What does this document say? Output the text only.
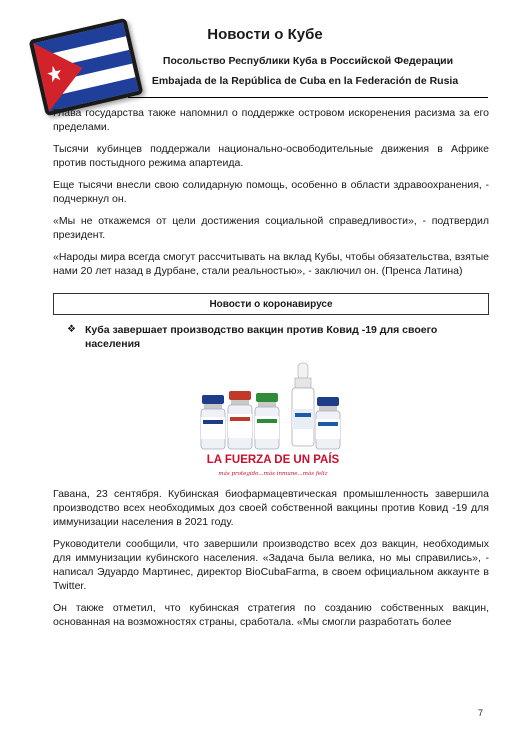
Новости о Кубе

Посольство Республики Куба в Российской Федерации

Embajada de la República de Cuba en la Federación de Rusia

Глава государства также напомнил о поддержке островом искоренения расизма за его пределами.

Тысячи кубинцев поддержали национально-освободительные движения в Африке против постыдного режима апартеида.

Еще тысячи внесли свою солидарную помощь, особенно в области здравоохранения, - подчеркнул он.

«Мы не откажемся от цели достижения социальной справедливости», - подтвердил президент.

«Народы мира всегда смогут рассчитывать на вклад Кубы, чтобы обязательства, взятые нами 20 лет назад в Дурбане, стали реальностью», - заключил он. (Пренса Латина)

Новости о коронавирусе
❖ Куба завершает производство вакцин против Ковид -19 для своего населения
LA FUERZA DE UN PAÍS
más protegido...más inmune...más feliz

Гавана, 23 сентября. Кубинская биофармацевтическая промышленность завершила производство всех необходимых доз своей собственной вакцины против Ковид -19 для иммунизации населения в 2021 году.

Руководители сообщили, что завершили производство всех доз вакцин, необходимых для иммунизации кубинского населения. «Задача была велика, но мы справились», - написал Эдуардо Мартинес, директор BioCubaFarma, в своем официальном аккаунте в Twitter.

Он также отметил, что кубинская стратегия по созданию собственных вакцин, основанная на возможностях страны, сработала. «Мы смогли разработать более

7
